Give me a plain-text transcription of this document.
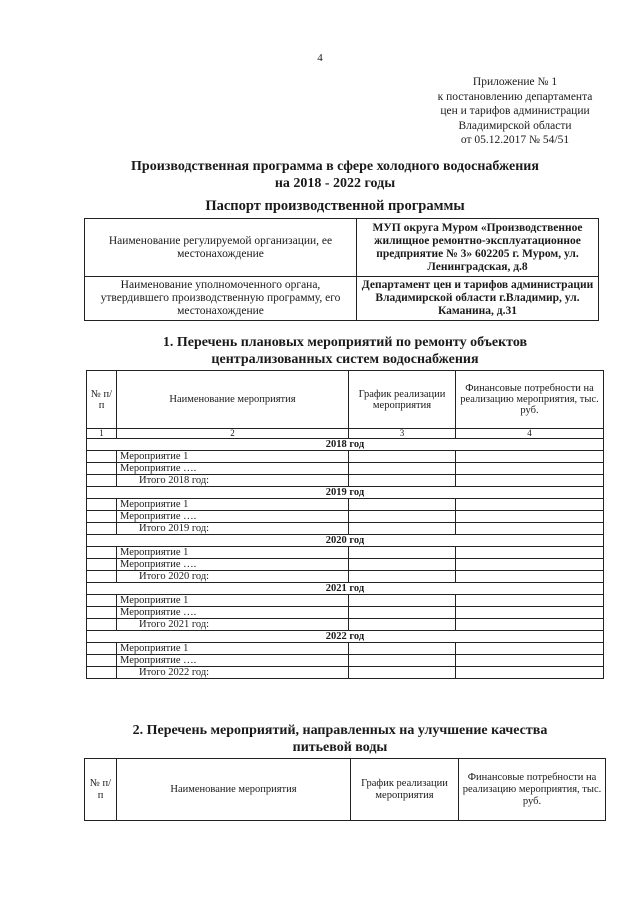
4
Приложение № 1
к постановлению департамента
цен и тарифов администрации
Владимирской области
от 05.12.2017 № 54/51
Производственная программа в сфере холодного водоснабжения
на 2018 - 2022 годы
Паспорт производственной программы
Наименование регулируемой организации, ее местонахождение	МУП округа Муром «Производственное жилищное ремонтно-эксплуатационное предприятие № 3» 602205 г. Муром, ул. Ленинградская, д.8
Наименование уполномоченного органа, утвердившего производственную программу, его местонахождение	Департамент цен и тарифов администрации Владимирской области г.Владимир, ул. Каманина, д.31
1. Перечень плановых мероприятий по ремонту объектов
централизованных систем водоснабжения
№ п/п	Наименование мероприятия	График реализации мероприятия	Финансовые потребности на реализацию мероприятия, тыс. руб.
1	2	3	4
2018 год			
	Мероприятие 1		
	Мероприятие ….		
	Итого 2018 год:		
2019 год			
	Мероприятие 1		
	Мероприятие ….		
	Итого 2019 год:		
2020 год			
	Мероприятие 1		
	Мероприятие ….		
	Итого 2020 год:		
2021 год			
	Мероприятие 1		
	Мероприятие ….		
	Итого 2021 год:		
2022 год			
	Мероприятие 1		
	Мероприятие ….		
	Итого 2022 год:		
2. Перечень мероприятий, направленных на улучшение качества
питьевой воды
№ п/п	Наименование мероприятия	График реализации мероприятия	Финансовые потребности на реализацию мероприятия, тыс. руб.
